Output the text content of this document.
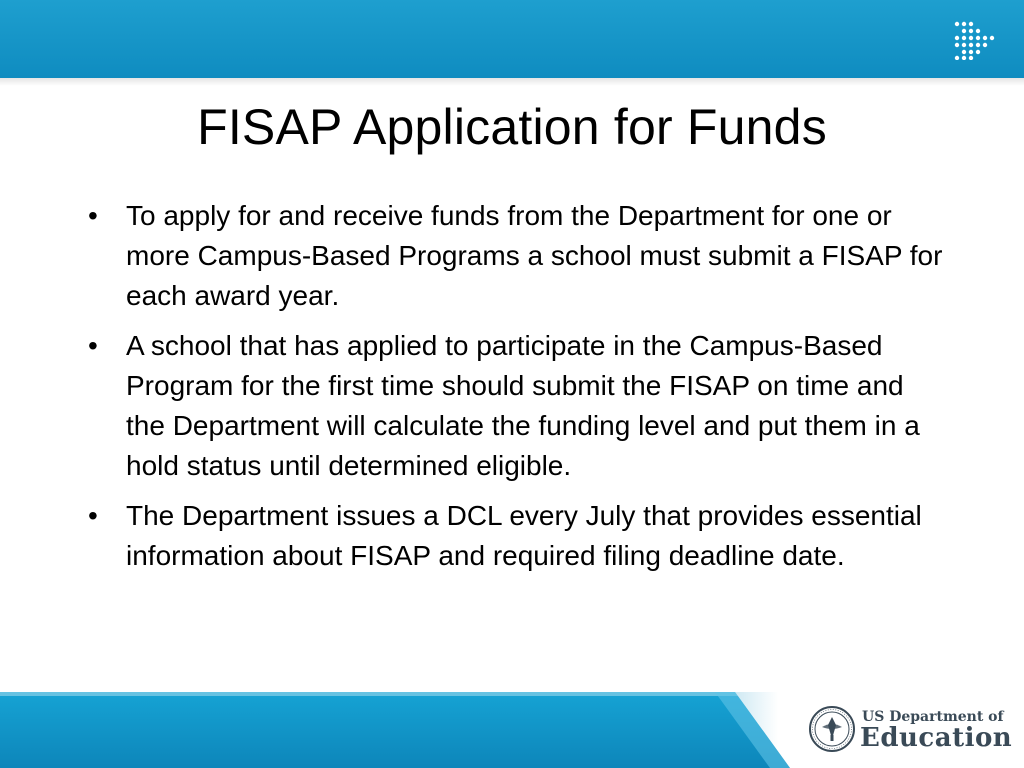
FISAP Application for Funds
• To apply for and receive funds from the Department for one or more Campus-Based Programs a school must submit a FISAP for each award year.
• A school that has applied to participate in the Campus-Based Program for the first time should submit the FISAP on time and the Department will calculate the funding level and put them in a hold status until determined eligible.
• The Department issues a DCL every July that provides essential information about FISAP and required filing deadline date.
US Department of
Education
